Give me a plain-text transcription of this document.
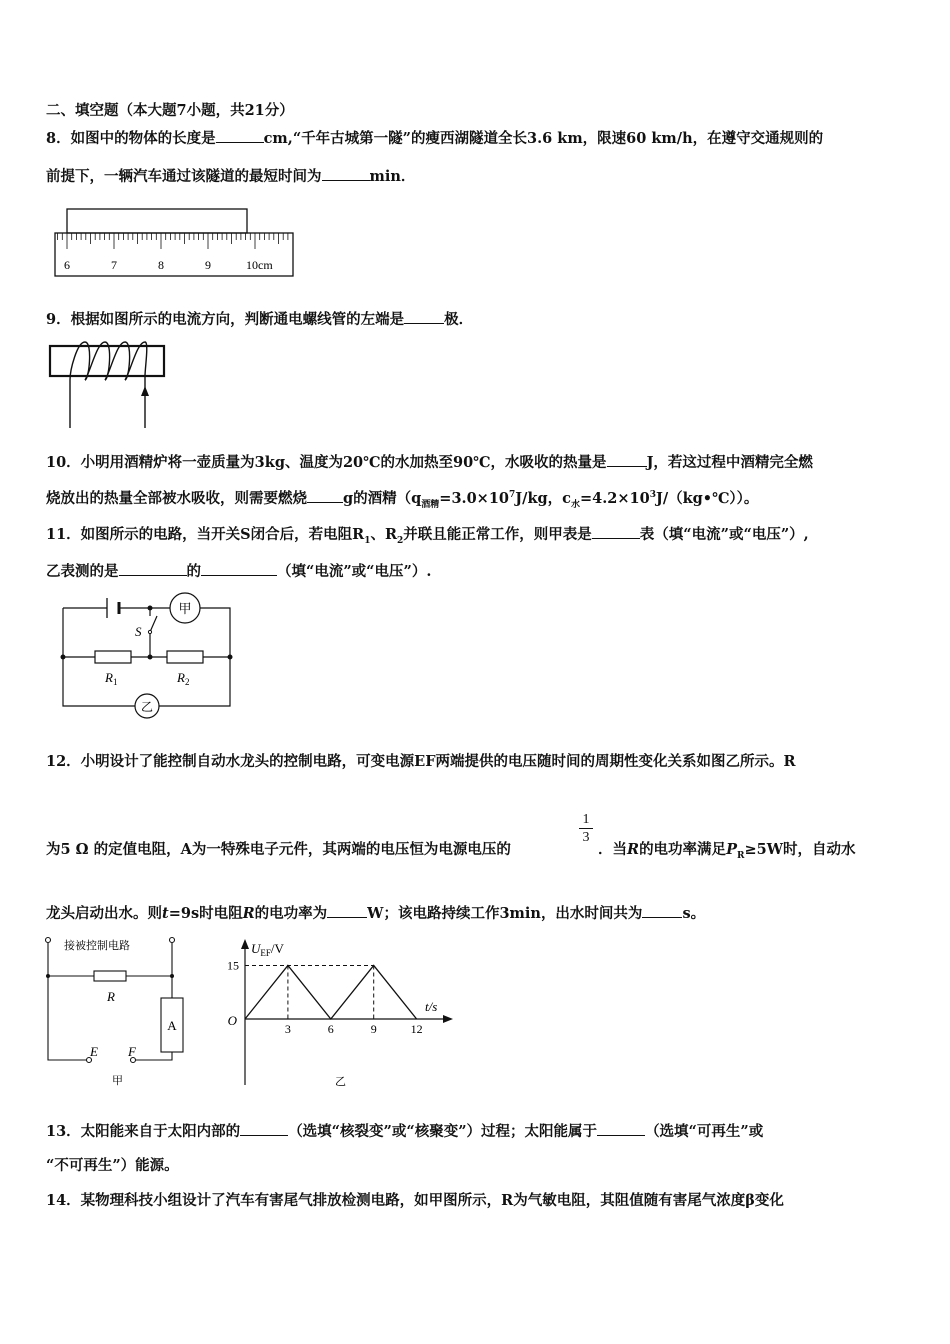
二、填空题（本大题7小题，共21分）
8．如图中的物体的长度是	cm,“千年古城第一隧”的瘦西湖隧道全长3.6 km，限速60 km/h，在遵守交通规则的
前提下，一辆汽车通过该隧道的最短时间为	min．
6	7	8	9	10cm
9．根据如图所示的电流方向，判断通电螺线管的左端是	极．
10．小明用酒精炉将一壶质量为3kg、温度为20℃的水加热至90℃，水吸收的热量是	J，若这过程中酒精完全燃
烧放出的热量全部被水吸收，则需要燃烧 g的酒精（$q_{酒精}=3.0\times 10^7J/kg$，$c_水=4.2\times 10^3J/(kg•℃)$）。
11．如图所示的电路，当开关S闭合后，若电阻$R_1$、$R_2$并联且能正常工作，则甲表是	表（填“电流”或“电压”）,
乙表测的是	的	（填“电流”或“电压”）.
甲
乙
S
$R_1$	$R_2$
12．小明设计了能控制自动水龙头的控制电路，可变电源EF两端提供的电压随时间的周期性变化关系如图乙所示。R
$\frac{1}{3}$
为5 Ω 的定值电阻，A为一特殊电子元件，其两端的电压恒为电源电压的	．当R的电功率满足$P_R\ge 5W$时，自动水
龙头启动出水。则t=9s时电阻R的电功率为	W；该电路持续工作3min，出水时间共为	s。
接被控制电路
R
A
E F
甲
3	6	9	12
15
O
$U_{EF}/V$
t/s
乙
13．太阳能来自于太阳内部的	（选填“核裂变”或“核聚变”）过程；太阳能属于	（选填“可再生”或
“不可再生”）能源。
14．某物理科技小组设计了汽车有害尾气排放检测电路，如甲图所示，R为气敏电阻，其阻值随有害尾气浓度β变化
